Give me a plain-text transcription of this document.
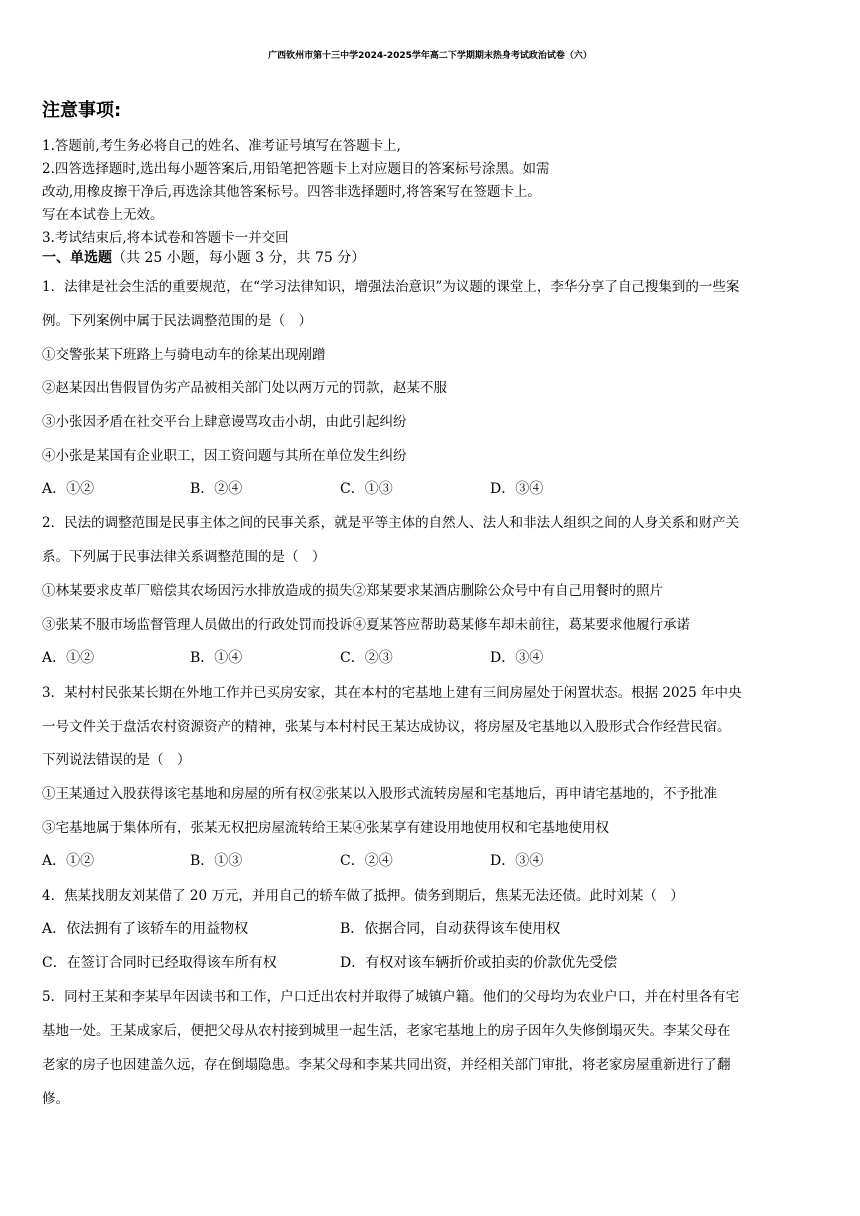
广西钦州市第十三中学2024-2025学年高二下学期期末热身考试政治试卷（六）
注意事项:
1.答题前,考生务必将自己的姓名、准考证号填写在答题卡上,
2.四答选择题时,选出每小题答案后,用铅笔把答题卡上对应题目的答案标号涂黑。如需
改动,用橡皮擦干净后,再选涂其他答案标号。四答非选择题时,将答案写在签题卡上。
写在本试卷上无效。
3.考试结束后,将本试卷和答题卡一并交回
一、单选题（共 25 小题，每小题 3 分，共 75 分）
1．法律是社会生活的重要规范，在“学习法律知识，增强法治意识”为议题的课堂上，李华分享了自己搜集到的一些案
例。下列案例中属于民法调整范围的是（　）
①交警张某下班路上与骑电动车的徐某出现剐蹭
②赵某因出售假冒伪劣产品被相关部门处以两万元的罚款，赵某不服
③小张因矛盾在社交平台上肆意谩骂攻击小胡，由此引起纠纷
④小张是某国有企业职工，因工资问题与其所在单位发生纠纷
A．①②	B．②④	C．①③	D．③④
2．民法的调整范围是民事主体之间的民事关系，就是平等主体的自然人、法人和非法人组织之间的人身关系和财产关
系。下列属于民事法律关系调整范围的是（　）
①林某要求皮革厂赔偿其农场因污水排放造成的损失②郑某要求某酒店删除公众号中有自己用餐时的照片
③张某不服市场监督管理人员做出的行政处罚而投诉④夏某答应帮助葛某修车却未前往，葛某要求他履行承诺
A．①②	B．①④	C．②③	D．③④
3．某村村民张某长期在外地工作并已买房安家，其在本村的宅基地上建有三间房屋处于闲置状态。根据 2025 年中央
一号文件关于盘活农村资源资产的精神，张某与本村村民王某达成协议，将房屋及宅基地以入股形式合作经营民宿。
下列说法错误的是（　）
①王某通过入股获得该宅基地和房屋的所有权②张某以入股形式流转房屋和宅基地后，再申请宅基地的，不予批准
③宅基地属于集体所有，张某无权把房屋流转给王某④张某享有建设用地使用权和宅基地使用权
A．①②	B．①③	C．②④	D．③④
4．焦某找朋友刘某借了 20 万元，并用自己的轿车做了抵押。债务到期后，焦某无法还债。此时刘某（　）
A．依法拥有了该轿车的用益物权	B．依据合同，自动获得该车使用权
C．在签订合同时已经取得该车所有权	D．有权对该车辆折价或拍卖的价款优先受偿
5．同村王某和李某早年因读书和工作，户口迁出农村并取得了城镇户籍。他们的父母均为农业户口，并在村里各有宅
基地一处。王某成家后，便把父母从农村接到城里一起生活，老家宅基地上的房子因年久失修倒塌灭失。李某父母在
老家的房子也因建盖久远，存在倒塌隐患。李某父母和李某共同出资，并经相关部门审批，将老家房屋重新进行了翻
修。
